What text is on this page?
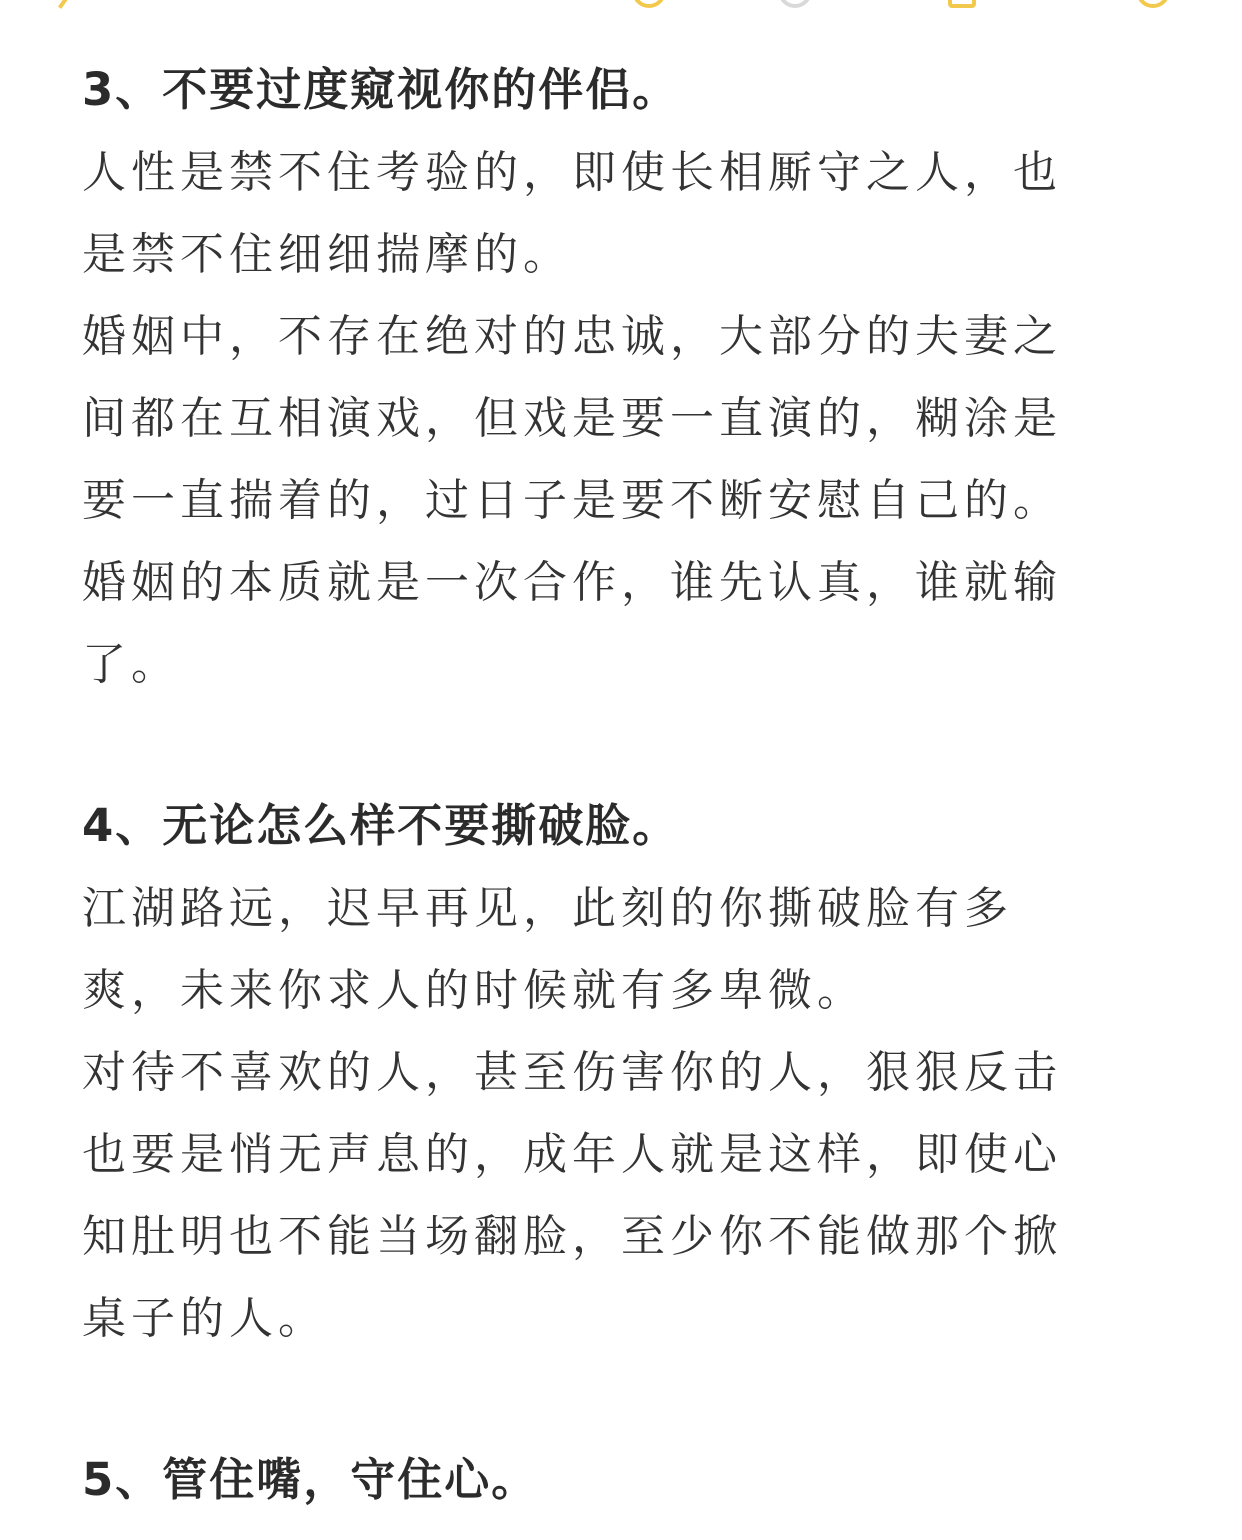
3、不要过度窥视你的伴侣。

人性是禁不住考验的，即使长相厮守之人，也
是禁不住细细揣摩的。

婚姻中，不存在绝对的忠诚，大部分的夫妻之
间都在互相演戏，但戏是要一直演的，糊涂是
要一直揣着的，过日子是要不断安慰自己的。

婚姻的本质就是一次合作，谁先认真，谁就输
了。

4、无论怎么样不要撕破脸。

江湖路远，迟早再见，此刻的你撕破脸有多
爽，未来你求人的时候就有多卑微。

对待不喜欢的人，甚至伤害你的人，狠狠反击
也要是悄无声息的，成年人就是这样，即使心
知肚明也不能当场翻脸，至少你不能做那个掀
桌子的人。

5、管住嘴，守住心。
